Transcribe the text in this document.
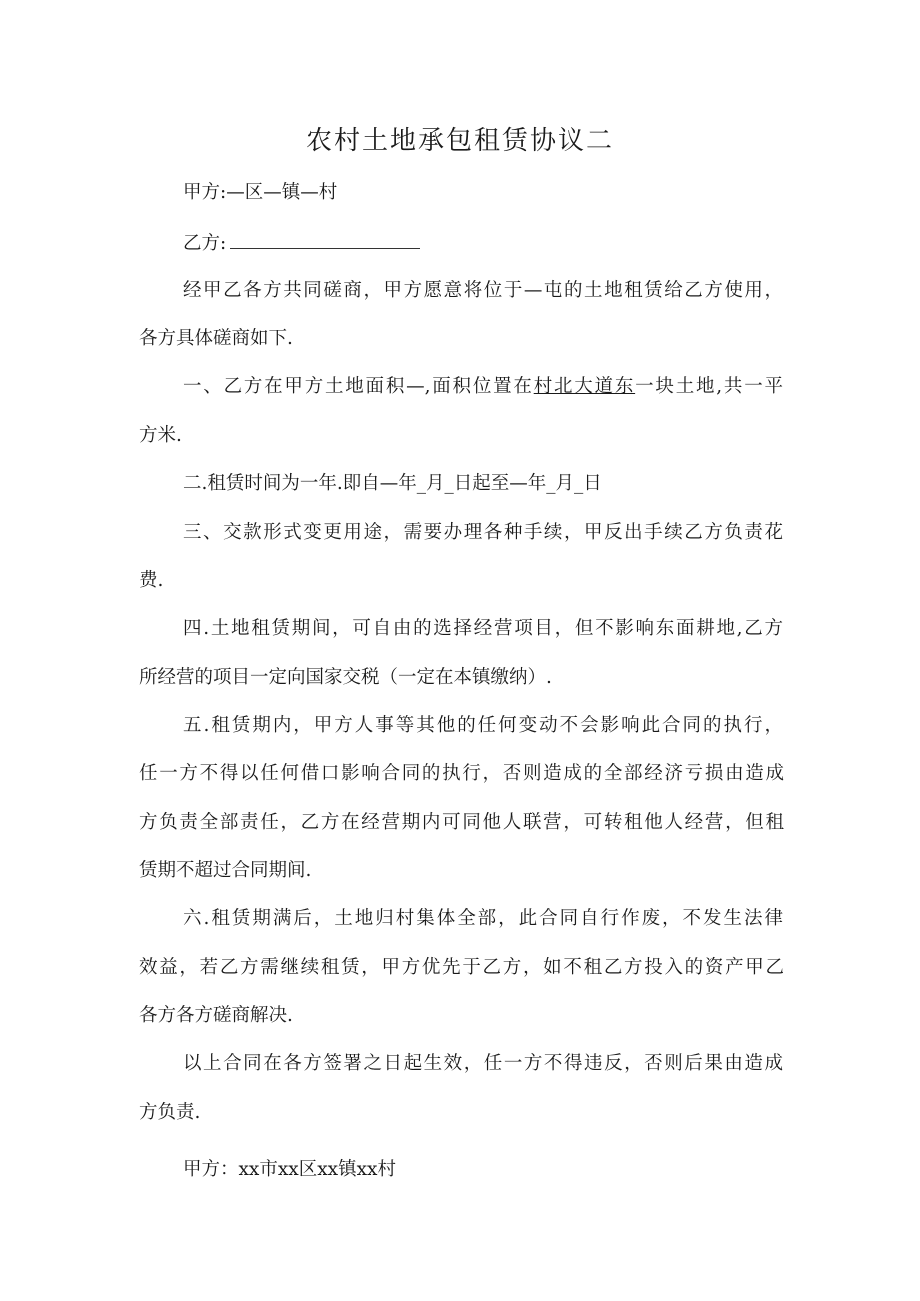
农村土地承包租赁协议二
甲方:—区—镇—村
乙方:
经甲乙各方共同磋商，甲方愿意将位于—屯的土地租赁给乙方使用，
各方具体磋商如下.
一、乙方在甲方土地面积—,面积位置在村北大道东一块土地,共一平
方米.
二.租赁时间为一年.即自—年_月_日起至—年_月_日
三、交款形式变更用途，需要办理各种手续，甲反出手续乙方负责花
费.
四.土地租赁期间，可自由的选择经营项目，但不影响东面耕地,乙方
所经营的项目一定向国家交税（一定在本镇缴纳）.
五.租赁期内，甲方人事等其他的任何变动不会影响此合同的执行，
任一方不得以任何借口影响合同的执行，否则造成的全部经济亏损由造成
方负责全部责任，乙方在经营期内可同他人联营，可转租他人经营，但租
赁期不超过合同期间.
六.租赁期满后，土地归村集体全部，此合同自行作废，不发生法律
效益，若乙方需继续租赁，甲方优先于乙方，如不租乙方投入的资产甲乙
各方各方磋商解决.
以上合同在各方签署之日起生效，任一方不得违反，否则后果由造成
方负责.
甲方：xx市xx区xx镇xx村
